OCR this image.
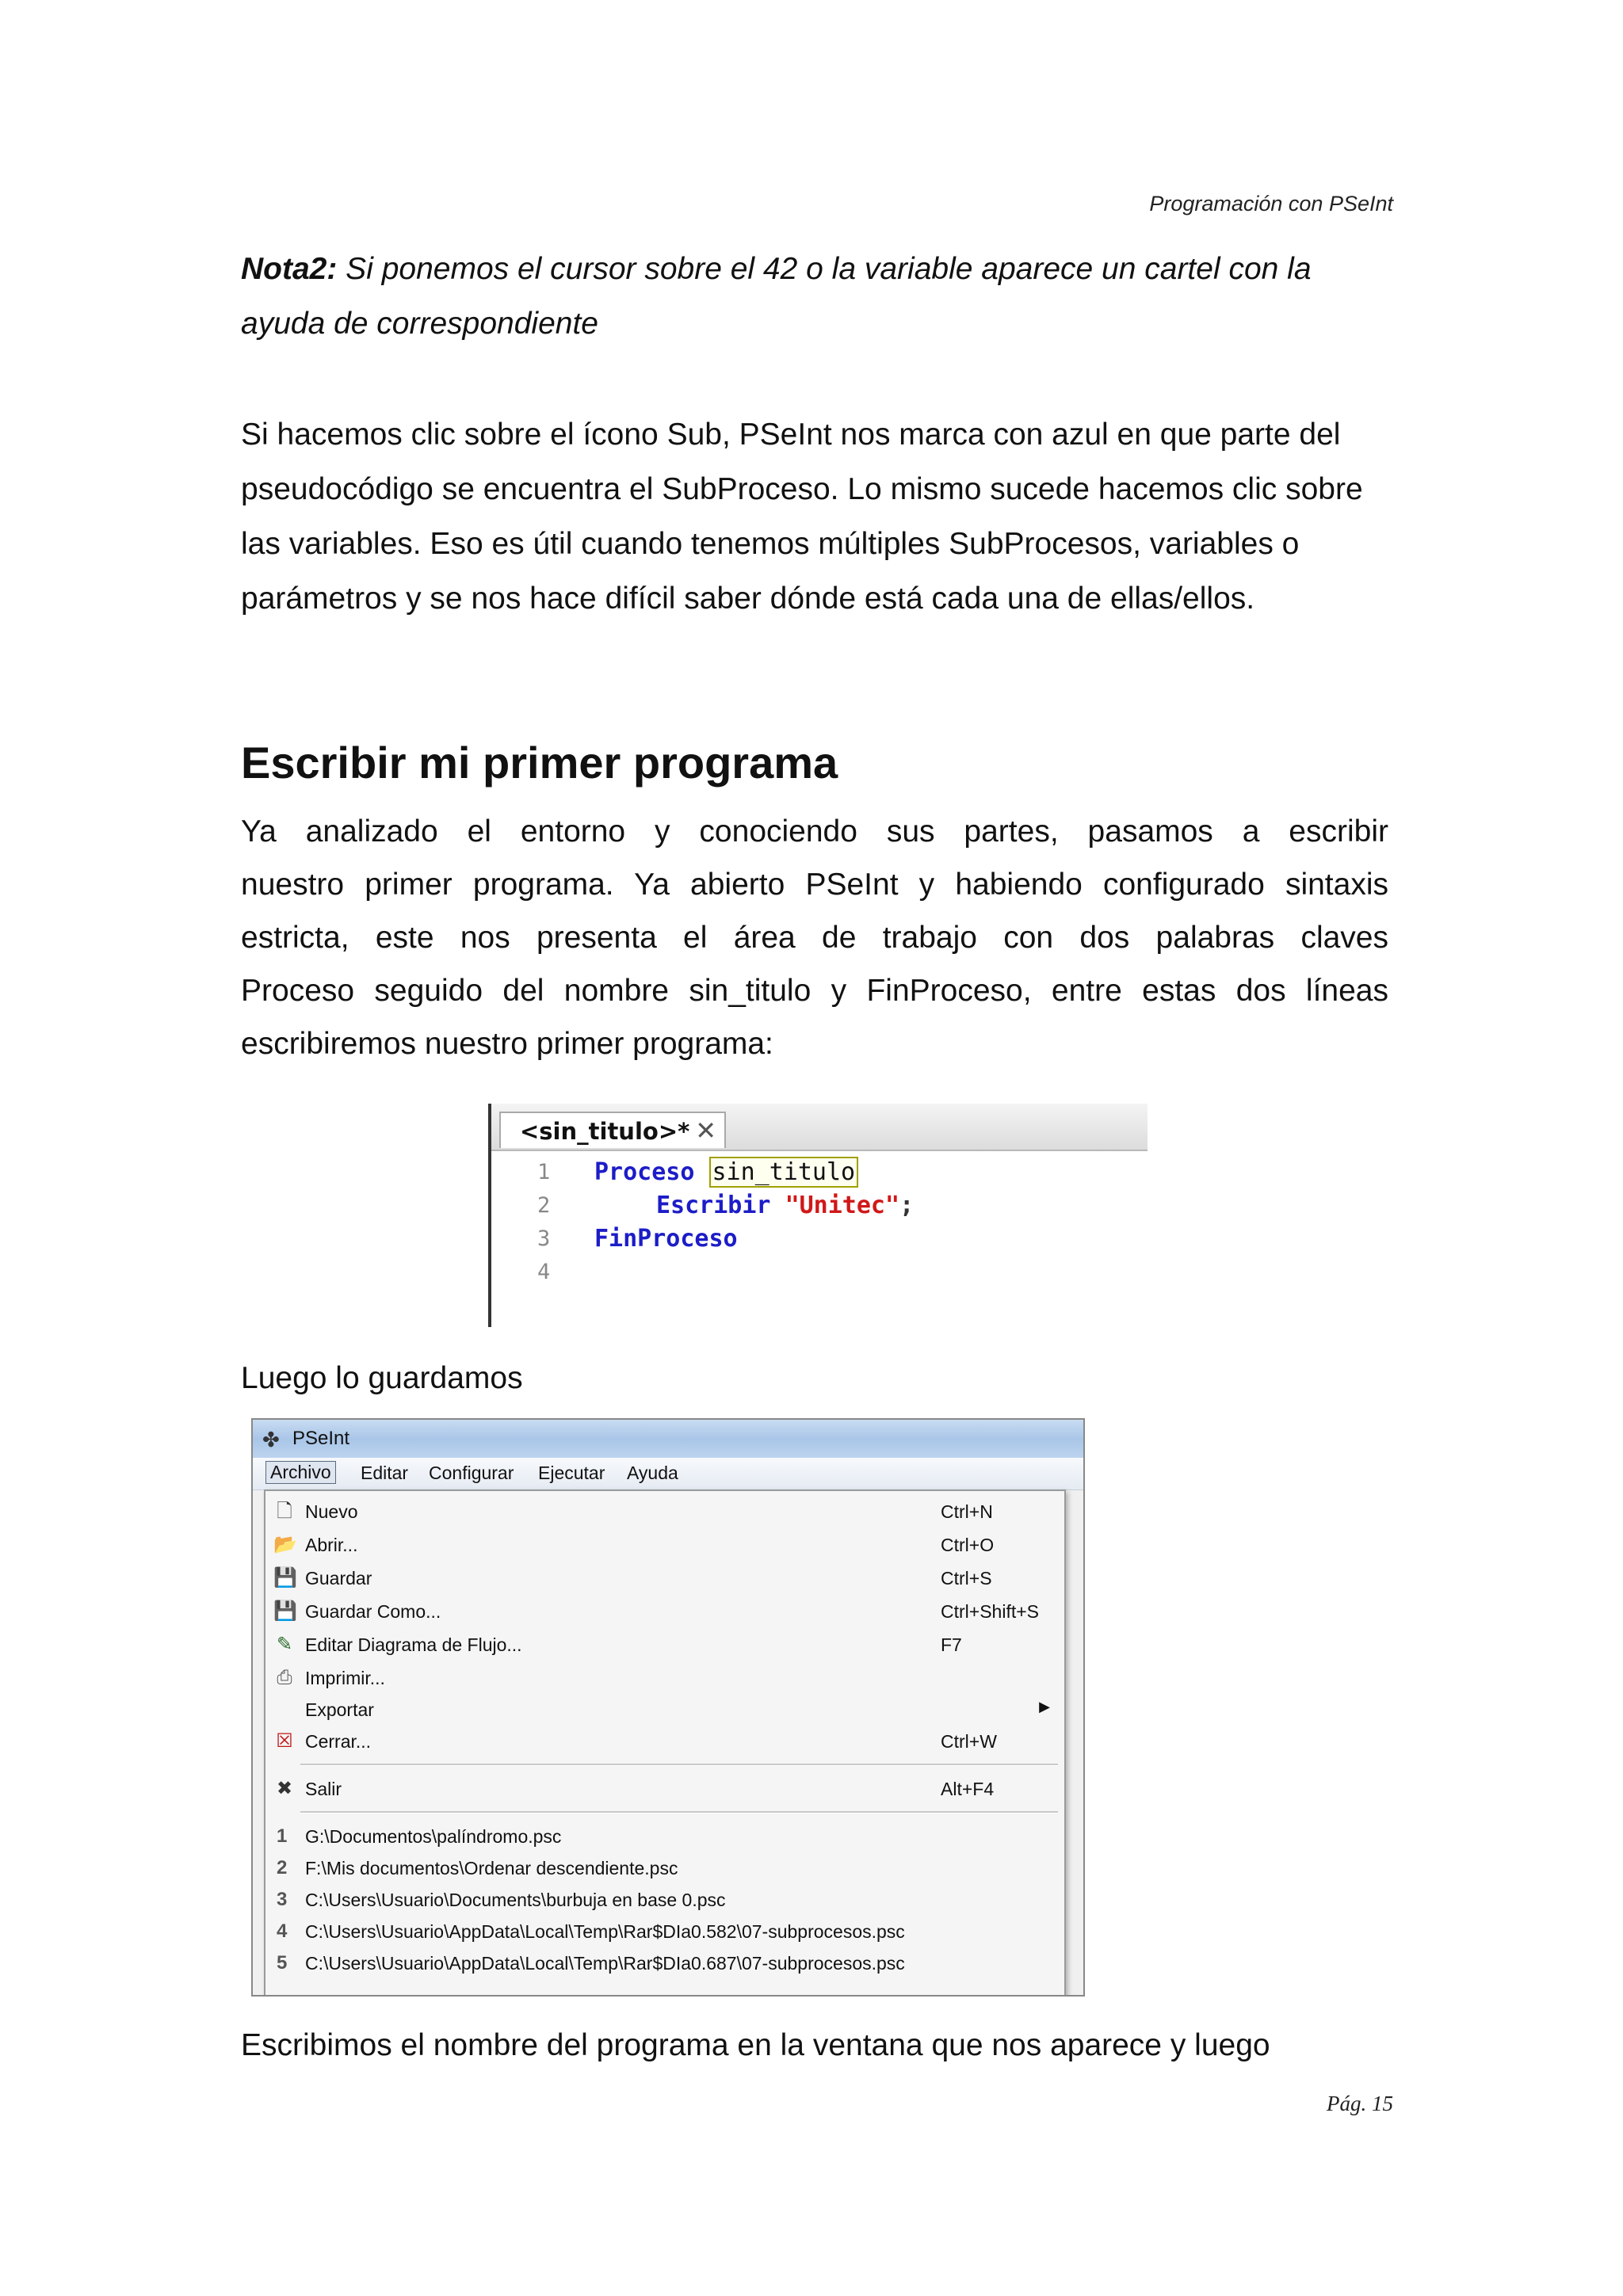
Programación con PSeInt
Nota2: Si ponemos el cursor sobre el 42 o la variable aparece un cartel con la ayuda de correspondiente
Si hacemos clic sobre el ícono Sub, PSeInt nos marca con azul en que parte del pseudocódigo se encuentra el SubProceso. Lo mismo sucede hacemos clic sobre las variables. Eso es útil cuando tenemos múltiples SubProcesos, variables o parámetros y se nos hace difícil saber dónde está cada una de ellas/ellos.
Escribir mi primer programa
Ya analizado el entorno y conociendo sus partes, pasamos a escribir
nuestro primer programa. Ya abierto PSeInt y habiendo configurado sintaxis
estricta, este nos presenta el área de trabajo con dos palabras claves
Proceso seguido del nombre sin_titulo y FinProceso, entre estas dos líneas
escribiremos nuestro primer programa:
<sin_titulo>* ✕
1 Proceso sin_titulo
2	Escribir "Unitec";
3 FinProceso
4
Luego lo guardamos
✤ PSeInt
Archivo Editar Configurar Ejecutar Ayuda
🗋 Nuevo	Ctrl+N
📂 Abrir...	Ctrl+O
💾 Guardar	Ctrl+S
💾 Guardar Como...	Ctrl+Shift+S
✎ Editar Diagrama de Flujo...	F7
⎙ Imprimir...
Exportar	▶
☒ Cerrar...	Ctrl+W
✖ Salir	Alt+F4
1 G:\Documentos\palíndromo.psc
2 F:\Mis documentos\Ordenar descendiente.psc
3 C:\Users\Usuario\Documents\burbuja en base 0.psc
4 C:\Users\Usuario\AppData\Local\Temp\Rar$DIa0.582\07-subprocesos.psc
5 C:\Users\Usuario\AppData\Local\Temp\Rar$DIa0.687\07-subprocesos.psc
Escribimos el nombre del programa en la ventana que nos aparece y luego
Pág. 15
